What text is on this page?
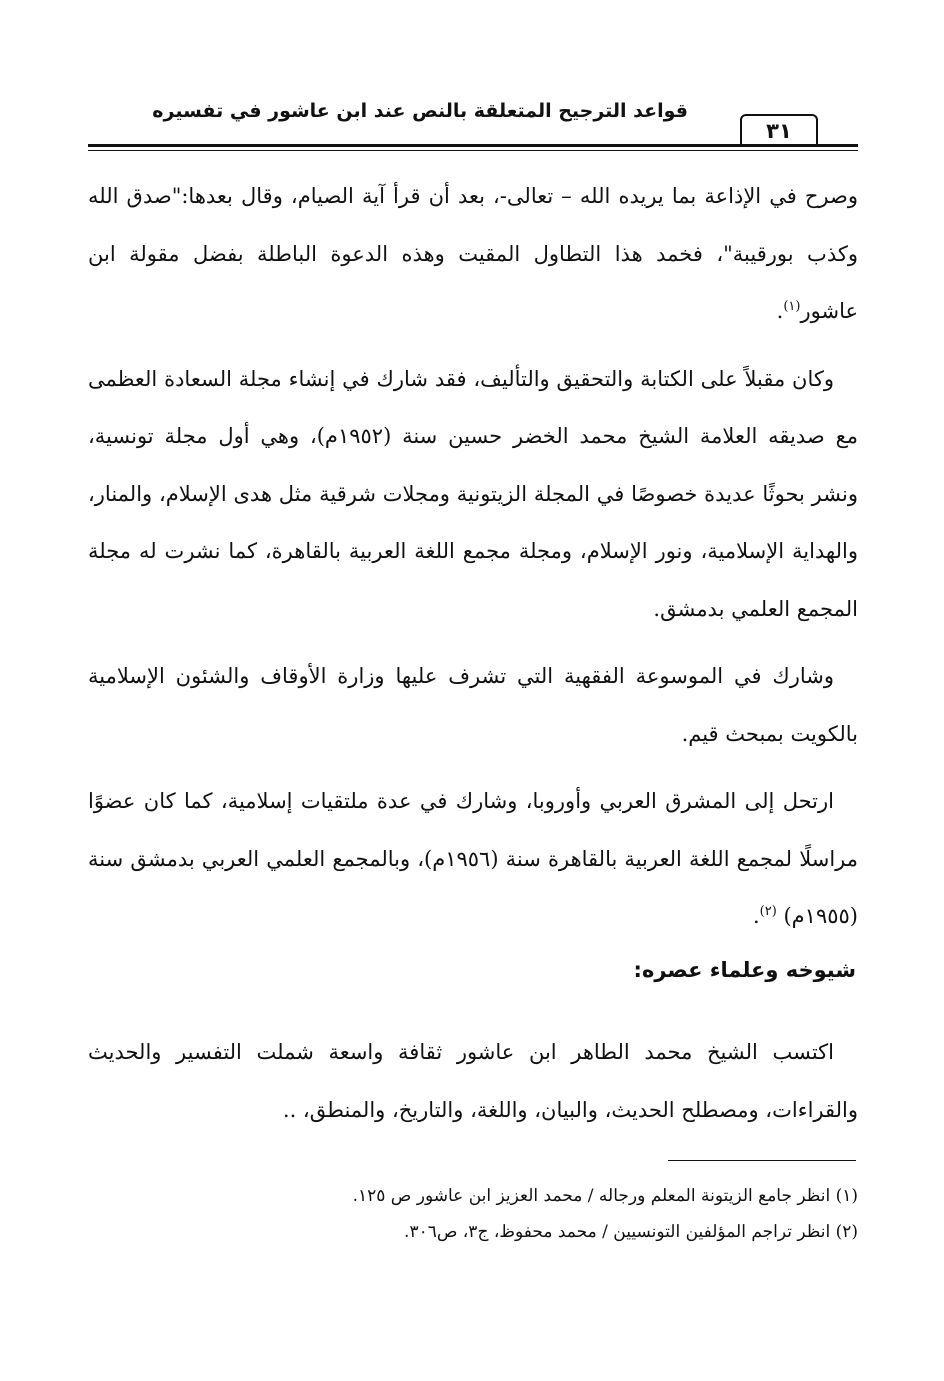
قواعد الترجيح المتعلقة بالنص عند ابن عاشور في تفسيره
٣١

وصرح في الإذاعة بما يريده الله – تعالى-، بعد أن قرأ آية الصيام، وقال بعدها:"صدق الله وكذب بورقيبة"، فخمد هذا التطاول المقيت وهذه الدعوة الباطلة بفضل مقولة ابن عاشور$^{(١)}$.

وكان مقبلاً على الكتابة والتحقيق والتأليف، فقد شارك في إنشاء مجلة السعادة العظمى مع صديقه العلامة الشيخ محمد الخضر حسين سنة (١٩٥٢م)، وهي أول مجلة تونسية، ونشر بحوثًا عديدة خصوصًا في المجلة الزيتونية ومجلات شرقية مثل هدى الإسلام، والمنار، والهداية الإسلامية، ونور الإسلام، ومجلة مجمع اللغة العربية بالقاهرة، كما نشرت له مجلة المجمع العلمي بدمشق.

وشارك في الموسوعة الفقهية التي تشرف عليها وزارة الأوقاف والشئون الإسلامية بالكويت بمبحث قيم.

ارتحل إلى المشرق العربي وأوروبا، وشارك في عدة ملتقيات إسلامية، كما كان عضوًا مراسلًا لمجمع اللغة العربية بالقاهرة سنة (١٩٥٦م)، وبالمجمع العلمي العربي بدمشق سنة (١٩٥٥م) $^{(٢)}$.

شيوخه وعلماء عصره:

اكتسب الشيخ محمد الطاهر ابن عاشور ثقافة واسعة شملت التفسير والحديث والقراءات، ومصطلح الحديث، والبيان، واللغة، والتاريخ، والمنطق، ..

(١) انظر جامع الزيتونة المعلم ورجاله / محمد العزيز ابن عاشور ص ١٢٥.
(٢) انظر تراجم المؤلفين التونسيين / محمد محفوظ، ج٣، ص٣٠٦.
